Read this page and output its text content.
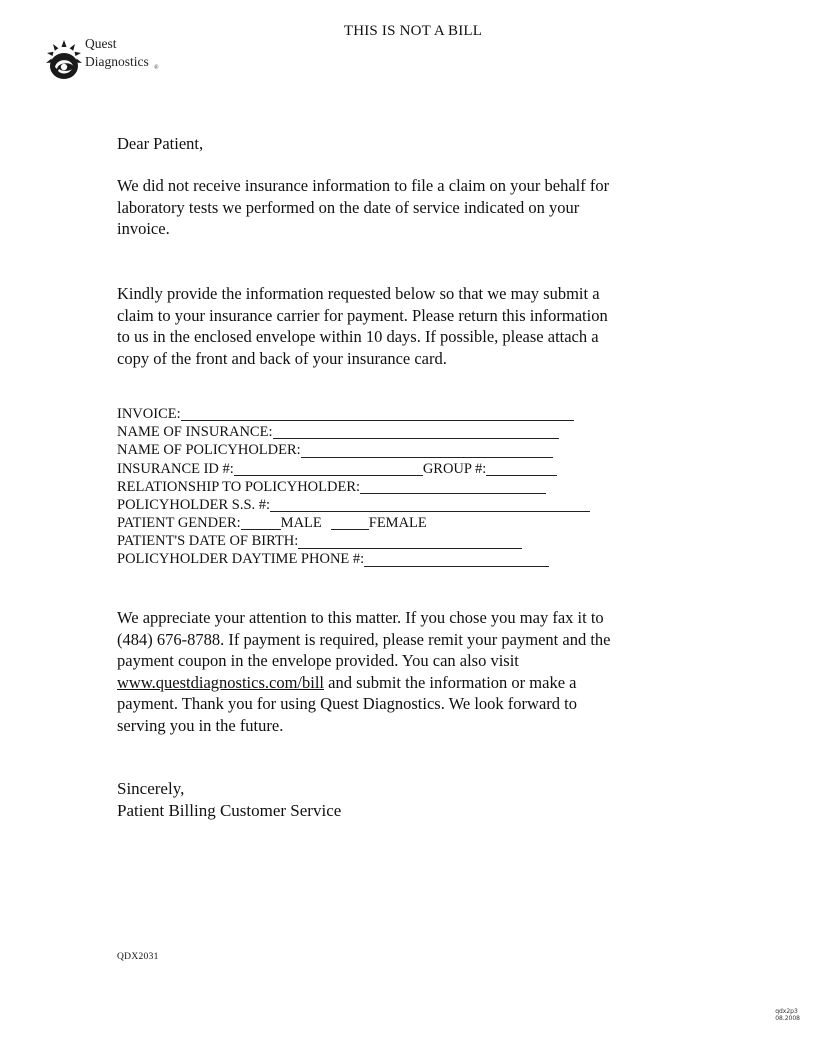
THIS IS NOT A BILL
Quest
Diagnostics ®

Dear Patient,

We did not receive insurance information to file a claim on your behalf for
laboratory tests we performed on the date of service indicated on your
invoice.

Kindly provide the information requested below so that we may submit a
claim to your insurance carrier for payment. Please return this information
to us in the enclosed envelope within 10 days. If possible, please attach a
copy of the front and back of your insurance card.

INVOICE:
NAME OF INSURANCE:
NAME OF POLICYHOLDER:
INSURANCE ID #:	GROUP #:
RELATIONSHIP TO POLICYHOLDER:
POLICYHOLDER S.S. #:
PATIENT GENDER:	MALE	FEMALE
PATIENT'S DATE OF BIRTH:
POLICYHOLDER DAYTIME PHONE #:

We appreciate your attention to this matter. If you chose you may fax it to
(484) 676-8788. If payment is required, please remit your payment and the
payment coupon in the envelope provided. You can also visit
www.questdiagnostics.com/bill and submit the information or make a
payment. Thank you for using Quest Diagnostics. We look forward to
serving you in the future.

Sincerely,
Patient Billing Customer Service
QDX2031
qdx2p3
08.2008
